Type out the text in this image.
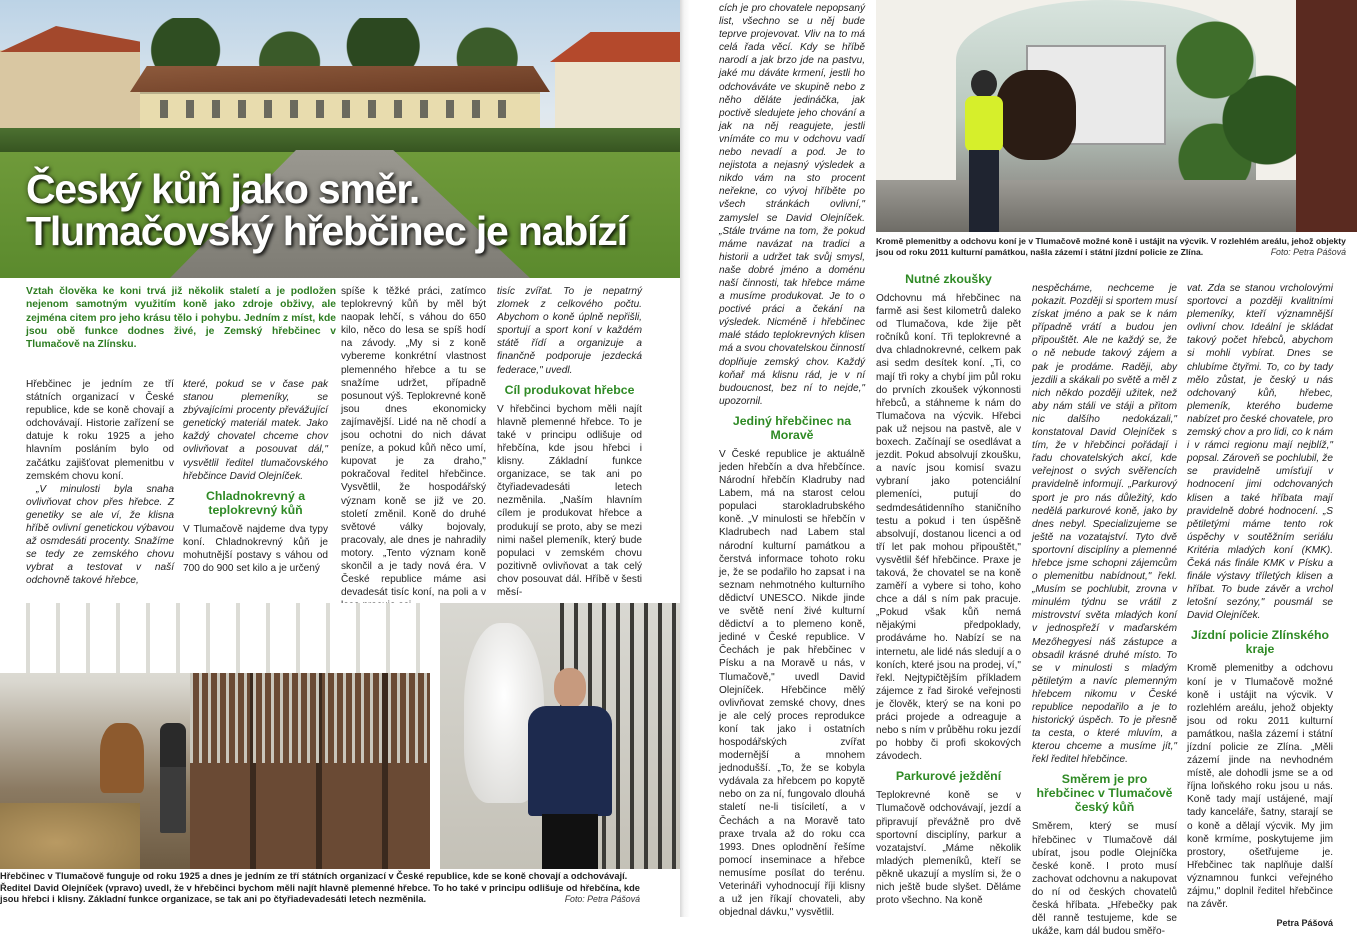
Český kůň jako směr.
Tlumačovský hřebčinec je nabízí

Vztah člověka ke koni trvá již několik staletí a je podložen nejenom samotným využitím koně jako zdroje obživy, ale zejména citem pro jeho krásu tělo i pohybu. Jedním z míst, kde jsou obě funkce dodnes živé, je Zemský hřebčinec v Tlumačově na Zlínsku.

Hřebčinec je jedním ze tří státních organizací v České republice, kde se koně chovají a odchovávají. Historie zařízení se datuje k roku 1925 a jeho hlavním posláním bylo od začátku zajišťovat plemenitbu v zemském chovu koní.

„V minulosti byla snaha ovlivňovat chov přes hřebce. Z genetiky se ale ví, že klisna hříbě ovlivní genetickou výbavou až osmdesáti procenty. Snažíme se tedy ze zemského chovu vybrat a testovat v naší odchovně takové hřebce,

které, pokud se v čase pak stanou plemeníky, se zbývajícími procenty převážující genetický materiál matek. Jako každý chovatel chceme chov ovlivňovat a posouvat dál," vysvětlil ředitel tlumačovského hřebčince David Olejníček.

Chladnokrevný a teplokrevný kůň

V Tlumačově najdeme dva typy koní. Chladnokrevný kůň je mohutnější postavy s váhou od 700 do 900 set kilo a je určený

spíše k těžké práci, zatímco teplokrevný kůň by měl být naopak lehčí, s váhou do 650 kilo, něco do lesa se spíš hodí na závody. „My si z koně vybereme konkrétní vlastnost plemenného hřebce a tu se snažíme udržet, případně posunout výš. Teplokrevné koně jsou dnes ekonomicky zajímavější. Lidé na ně chodí a jsou ochotni do nich dávat peníze, a pokud kůň něco umí, kupovat je za draho," pokračoval ředitel hřebčince. Vysvětlil, že hospodářský význam koně se již ve 20. století změnil. Koně do druhé světové války bojovaly, pracovaly, ale dnes je nahradily motory. „Tento význam koně skončil a je tady nová éra. V České republice máme asi devadesát tisíc koní, na poli a v

tisíc zvířat. To je nepatrný zlomek z celkového počtu. Abychom o koně úplně nepřišli, sportují a sport koní v každém státě řídí a organizuje a finančně podporuje jezdecká federace," uvedl.

Cíl produkovat hřebce

V hřebčinci bychom měli najít hlavně plemenné hřebce. To je také v principu odlišuje od hřebčína, kde jsou hřebci i klisny. Základní funkce organizace, se tak ani po čtyřiadevadesáti letech nezměnila. „Naším hlavním cílem je produkovat hřebce a produkují se proto, aby se mezi nimi našel plemeník, který bude populaci v zemském chovu pozitivně ovlivňovat a tak celý chov posouvat dál. Hříbě v šesti měsí-

Hřebčinec v Tlumačově funguje od roku 1925 a dnes je jedním ze tří státních organizací v České republice, kde se koně chovají a odchovávají. Ředitel David Olejníček (vpravo) uvedl, že v hřebčinci bychom měli najít hlavně plemenné hřebce. To ho také v principu odlišuje od hřebčína, kde jsou hřebci i klisny. Základní funkce organizace, se tak ani po čtyřiadevadesáti letech nezměnila.	Foto: Petra Pášová

cích je pro chovatele nepopsaný list, všechno se u něj bude teprve projevovat. Vliv na to má celá řada věcí. Kdy se hříbě narodí a jak brzo jde na pastvu, jaké mu dáváte krmení, jestli ho odchováváte ve skupině nebo z něho děláte jedináčka, jak poctivě sledujete jeho chování a jak na něj reagujete, jestli vnímáte co mu v odchovu vadí nebo nevadí a pod. Je to nejistota a nejasný výsledek a nikdo vám na sto procent neřekne, co vývoj hříběte po všech stránkách ovlivní," zamyslel se David Olejníček. „Stále trváme na tom, že pokud máme navázat na tradici a historii a udržet tak svůj smysl, naše dobré jméno a doménu naší činnosti, tak hřebce máme a musíme produkovat. Je to o poctivé práci a čekání na výsledek. Nicméně i hřebčinec malé stádo teplokrevných klisen má a svou chovatelskou činností doplňuje zemský chov. Každý koňař má klisnu rád, je v ní budoucnost, bez ní to nejde," upozornil.

Jediný hřebčinec na Moravě

V České republice je aktuálně jeden hřebčín a dva hřebčínce. Národní hřebčín Kladruby nad Labem, má na starost celou populaci starokladrubského koně. „V minulosti se hřebčín v Kladrubech nad Labem stal národní kulturní památkou a čerstvá informace tohoto roku je, že se podařilo ho zapsat i na seznam nehmotného kulturního dědictví UNESCO. Nikde jinde ve světě není živé kulturní dědictví a to plemeno koně, jediné v České republice. V Čechách je pak hřebčinec v Písku a na Moravě u nás, v Tlumačově," uvedl David Olejníček. Hřebčince mělý ovlivňovat zemské chovy, dnes je ale celý proces reprodukce koní tak jako i ostatních hospodářských zvířat modernější a mnohem jednodušší. „To, že se kobyla vydávala za hřebcem po kopytě nebo on za ní, fungovalo dlouhá staletí ne-li tisíciletí, a v Čechách a na Moravě tato praxe trvala až do roku cca 1993. Dnes oplodnění řešíme pomocí inseminace a hřebce nemusíme posílat do terénu. Veterináři vyhodnocují říji klisny a už jen říkají chovateli, aby objednal dávku," vysvětlil.

Kromě plemenitby a odchovu koní je v Tlumačově možné koně i ustájit na výcvik. V rozlehlém areálu, jehož objekty jsou od roku 2011 kulturní památkou, našla zázemí i státní jízdní policie ze Zlína.	Foto: Petra Pášová

Nutné zkoušky

Odchovnu má hřebčinec na farmě asi šest kilometrů daleko od Tlumačova, kde žije pět ročníků koní. Tři teplokrevné a dva chladnokrevné, celkem pak asi sedm desítek koní. „Ti, co mají tři roky a chybí jim půl roku do prvních zkoušek výkonnosti hřebců, a stáhneme k nám do Tlumačova na výcvik. Hřebci pak už nejsou na pastvě, ale v boxech. Začínají se osedlávat a jezdit. Pokud absolvují zkoušku, a navíc jsou komisí svazu vybraní jako potenciální plemeníci, putují do sedmdesátidenního staničního testu a pokud i ten úspěšně absolvují, dostanou licenci a od tří let pak mohou připouštět," vysvětlil šéf hřebčince. Praxe je taková, že chovatel se na koně zaměří a vybere si toho, koho chce a dál s ním pak pracuje. „Pokud však kůň nemá nějakými předpoklady, prodáváme ho. Nabízí se na internetu, ale lidé nás sledují a o koních, které jsou na prodej, ví," řekl. Nejtypičtějším příkladem zájemce z řad široké veřejnosti je člověk, který se na koni po práci projede a odreaguje a nebo s ním v průběhu roku jezdí po hobby či profi skokových závodech.

Parkurové ježdění

Teplokrevné koně se v Tlumačově odchovávají, jezdí a připravují převážně pro dvě sportovní disciplíny, parkur a vozatajství. „Máme několik mladých plemeníků, kteří se pěkně ukazují a myslím si, že o nich ještě bude slyšet. Děláme proto všechno. Na koně

nespěcháme, nechceme je pokazit. Později si sportem musí získat jméno a pak se k nám případně vrátí a budou jen připouštět. Ale ne každý se, že o ně nebude takový zájem a pak je prodáme. Raději, aby jezdili a skákali po světě a měl z nich někdo později užitek, než aby nám stáli ve stáji a přitom nic dalšího nedokázali," konstatoval David Olejníček s tím, že v hřebčinci pořádají i řadu chovatelských akcí, kde veřejnost o svých svěřencích pravidelně informují. „Parkurový sport je pro nás důležitý, kdo nedělá parkurové koně, jako by dnes nebyl. Specializujeme se ještě na vozatajství. Tyto dvě sportovní disciplíny a plemenné hřebce jsme schopni zájemcům o plemenitbu nabídnout," řekl. „Musím se pochlubit, zrovna v minulém týdnu se vrátil z mistrovství světa mladých koní v jednospřeží v maďarském Mezőhegyesi náš zástupce a obsadil krásné druhé místo. To se v minulosti s mladým pětiletým a navíc plemenným hřebcem nikomu v České republice nepodařilo a je to historický úspěch. To je přesně ta cesta, o které mluvím, a kterou chceme a musíme jít," řekl ředitel hřebčince.

Směrem je pro hřebčinec v Tlumačově český kůň

Směrem, který se musí hřebčinec v Tlumačově dál ubírat, jsou podle Olejníčka české koně. I proto musí zachovat odchovnu a nakupovat do ní od českých chovatelů česká hříbata. „Hřebečky pak děl ranně testujeme, kde se ukáže, kam dál budou směřo-

vat. Zda se stanou vrcholovými sportovci a později kvalitními plemeníky, kteří významnější ovlivní chov. Ideální je skládat takový počet hřebců, abychom si mohli vybírat. Dnes se chlubíme čtyřmi. To, co by tady mělo zůstat, je český u nás odchovaný kůň, hřebec, plemeník, kterého budeme nabízet pro české chovatele, pro zemský chov a pro lidi, co k nám i v rámci regionu mají nejblíž," popsal. Zároveň se pochlubil, že se pravidelně umísťují v hodnocení jimi odchovaných klisen a také hříbata mají pravidelně dobré hodnocení. „S pětiletými máme tento rok úspěchy v soutěžním seriálu Kritéria mladých koní (KMK). Čeká nás finále KMK v Písku a finále výstavy tříletých klisen a hříbat. To bude závěr a vrchol letošní sezóny," pousmál se David Olejníček.

Jízdní policie Zlínského kraje

Kromě plemenitby a odchovu koní je v Tlumačově možné koně i ustájit na výcvik. V rozlehlém areálu, jehož objekty jsou od roku 2011 kulturní památkou, našla zázemí i státní jízdní policie ze Zlína. „Měli zázemí jinde na nevhodném místě, ale dohodli jsme se a od října loňského roku jsou u nás. Koně tady mají ustájené, mají tady kanceláře, šatny, starají se o koně a dělají výcvik. My jim koně krmíme, poskytujeme jim prostory, ošetřujeme je. Hřebčinec tak naplňuje další významnou funkci veřejného zájmu," doplnil ředitel hřebčince na závěr.

Petra Pášová
